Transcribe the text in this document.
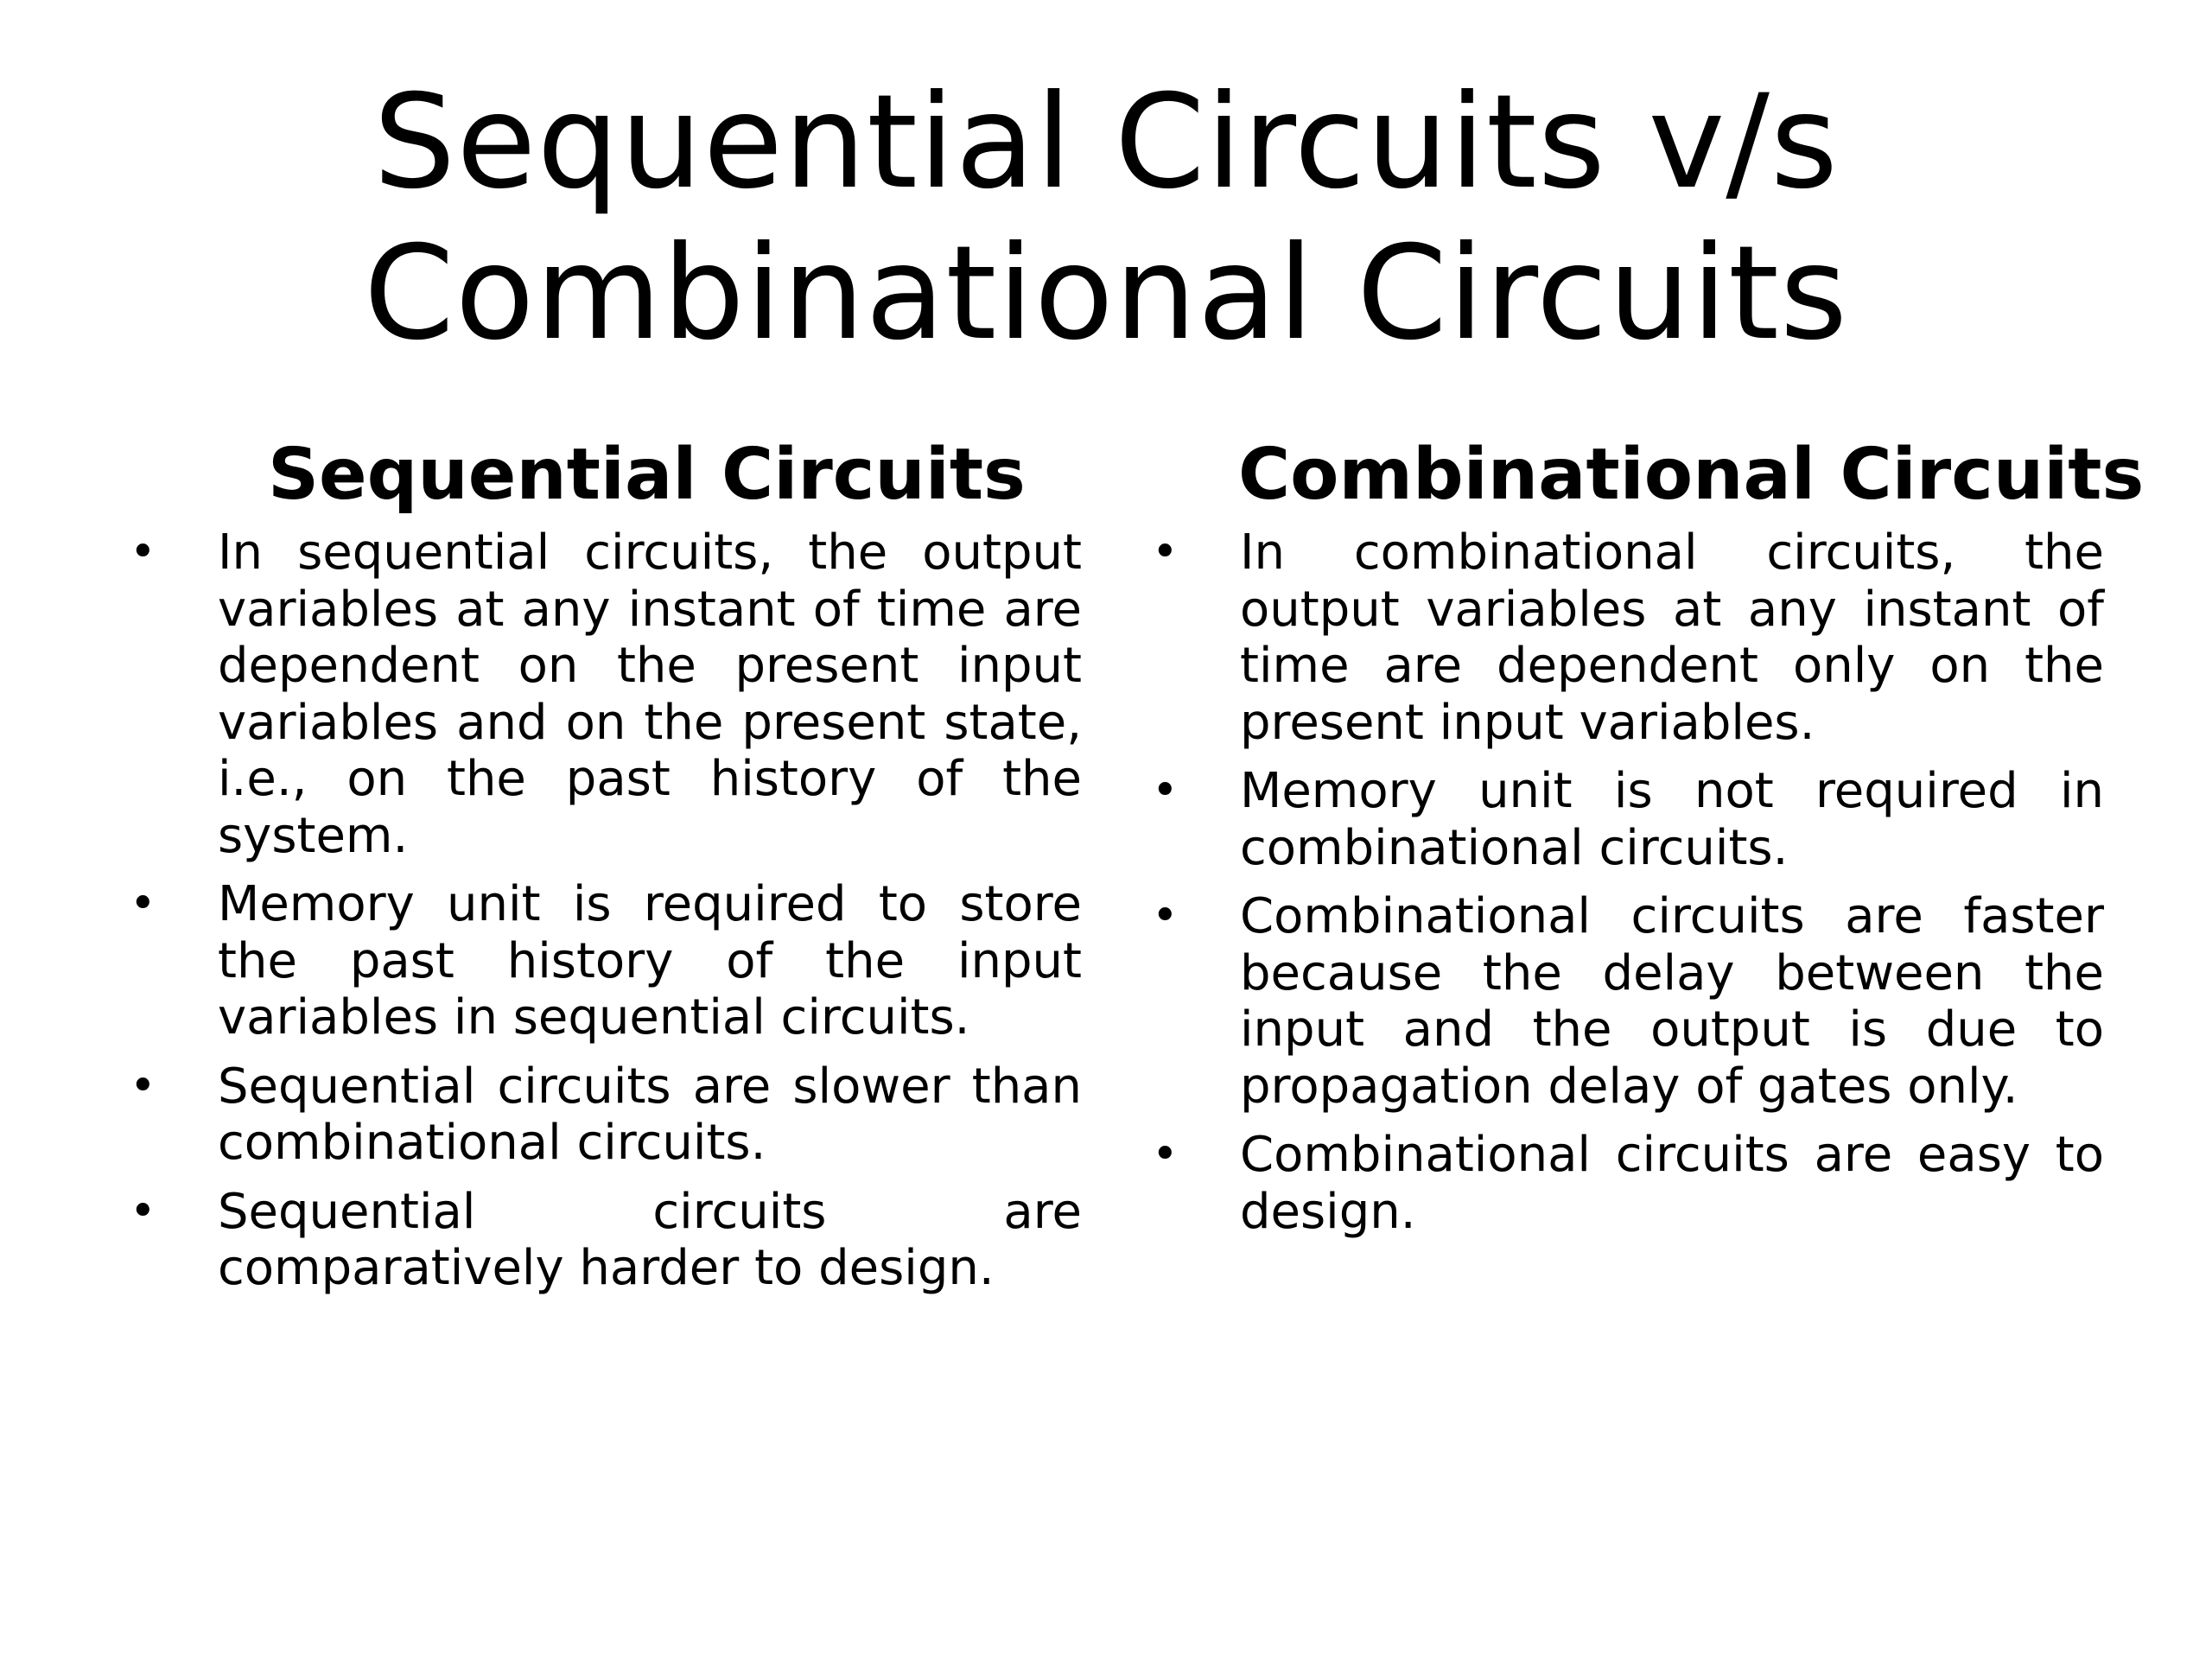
Sequential Circuits v/s
Combinational Circuits
Sequential Circuits
• In sequential circuits, the output variables at any instant of time are dependent on the present input variables and on the present state, i.e., on the past history of the system.
• Memory unit is required to store the past history of the input variables in sequential circuits.
• Sequential circuits are slower than combinational circuits.
• Sequential circuits are comparatively harder to design.
Combinational Circuits
• In combinational circuits, the output variables at any instant of time are dependent only on the present input variables.
• Memory unit is not required in combinational circuits.
• Combinational circuits are faster because the delay between the input and the output is due to propagation delay of gates only.
• Combinational circuits are easy to design.
